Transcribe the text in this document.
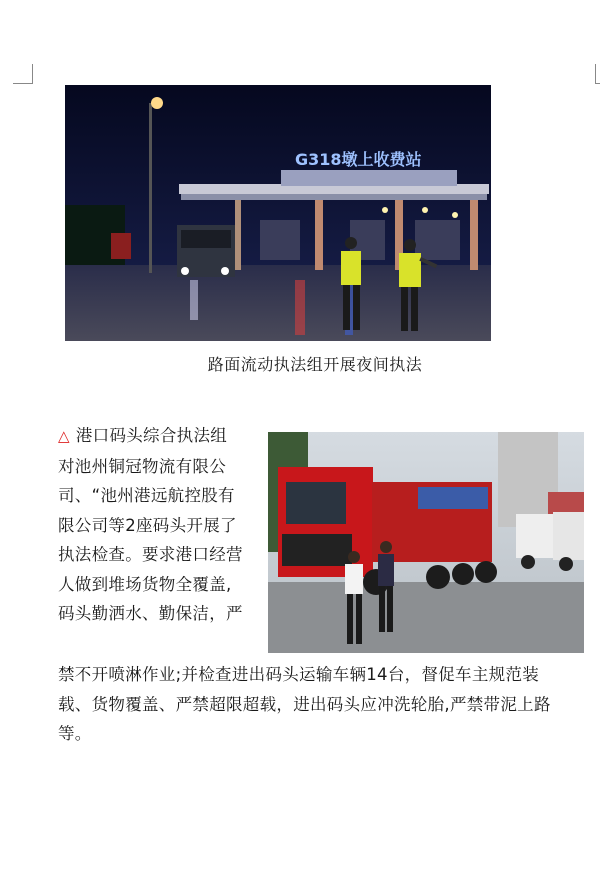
G318墩上收费站
路面流动执法组开展夜间执法
△ 港口码头综合执法组
对池州铜冠物流有限公
司、“池州港远航控股有
限公司等2座码头开展了
执法检查。要求港口经营
人做到堆场货物全覆盖,
码头勤洒水、勤保洁，严
禁不开喷淋作业;并检查进出码头运输车辆14台，督促车主规范装
载、货物覆盖、严禁超限超载，进出码头应冲洗轮胎,严禁带泥上路
等。
